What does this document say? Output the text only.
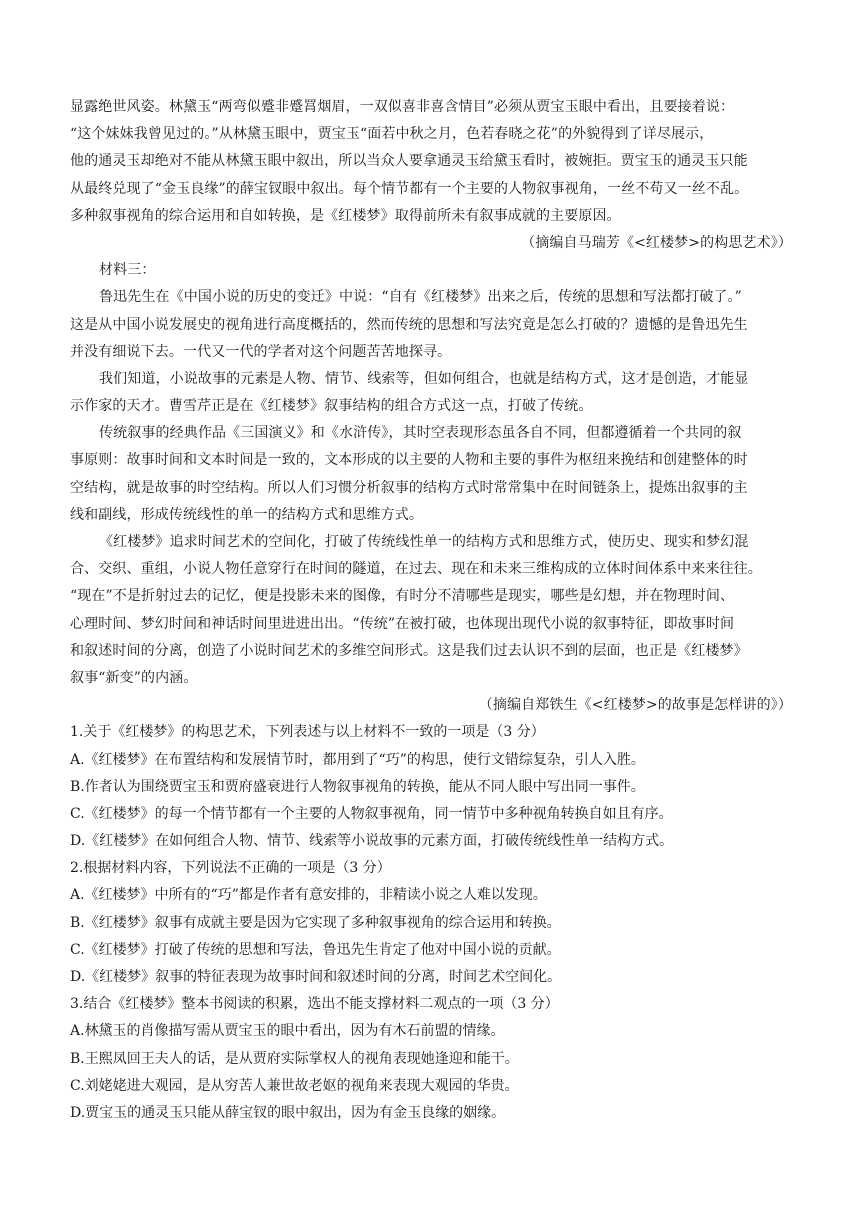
显露绝世风姿。林黛玉“两弯似蹙非蹙罥烟眉，一双似喜非喜含情目”必须从贾宝玉眼中看出，且要接着说：
“这个妹妹我曾见过的。”从林黛玉眼中，贾宝玉“面若中秋之月，色若春晓之花”的外貌得到了详尽展示，
他的通灵玉却绝对不能从林黛玉眼中叙出，所以当众人要拿通灵玉给黛玉看时，被婉拒。贾宝玉的通灵玉只能
从最终兑现了“金玉良缘”的薛宝钗眼中叙出。每个情节都有一个主要的人物叙事视角，一丝不苟又一丝不乱。
多种叙事视角的综合运用和自如转换，是《红楼梦》取得前所未有叙事成就的主要原因。
（摘编自马瑞芳《<红楼梦>的构思艺术》）
材料三：
鲁迅先生在《中国小说的历史的变迁》中说：“自有《红楼梦》出来之后，传统的思想和写法都打破了。”
这是从中国小说发展史的视角进行高度概括的，然而传统的思想和写法究竟是怎么打破的？遗憾的是鲁迅先生
并没有细说下去。一代又一代的学者对这个问题苦苦地探寻。
我们知道，小说故事的元素是人物、情节、线索等，但如何组合，也就是结构方式，这才是创造，才能显
示作家的天才。曹雪芹正是在《红楼梦》叙事结构的组合方式这一点，打破了传统。
传统叙事的经典作品《三国演义》和《水浒传》，其时空表现形态虽各自不同，但都遵循着一个共同的叙
事原则：故事时间和文本时间是一致的，文本形成的以主要的人物和主要的事件为枢纽来挽结和创建整体的时
空结构，就是故事的时空结构。所以人们习惯分析叙事的结构方式时常常集中在时间链条上，提炼出叙事的主
线和副线，形成传统线性的单一的结构方式和思维方式。
《红楼梦》追求时间艺术的空间化，打破了传统线性单一的结构方式和思维方式，使历史、现实和梦幻混
合、交织、重组，小说人物任意穿行在时间的隧道，在过去、现在和未来三维构成的立体时间体系中来来往往。
“现在”不是折射过去的记忆，便是投影未来的图像，有时分不清哪些是现实，哪些是幻想，并在物理时间、
心理时间、梦幻时间和神话时间里进进出出。“传统”在被打破，也体现出现代小说的叙事特征，即故事时间
和叙述时间的分离，创造了小说时间艺术的多维空间形式。这是我们过去认识不到的层面，也正是《红楼梦》
叙事“新变”的内涵。
（摘编自郑铁生《<红楼梦>的故事是怎样讲的》）
1.关于《红楼梦》的构思艺术，下列表述与以上材料不一致的一项是（3 分）
A.《红楼梦》在布置结构和发展情节时，都用到了“巧”的构思，使行文错综复杂，引人入胜。
B.作者认为围绕贾宝玉和贾府盛衰进行人物叙事视角的转换，能从不同人眼中写出同一事件。
C.《红楼梦》的每一个情节都有一个主要的人物叙事视角，同一情节中多种视角转换自如且有序。
D.《红楼梦》在如何组合人物、情节、线索等小说故事的元素方面，打破传统线性单一结构方式。
2.根据材料内容，下列说法不正确的一项是（3 分）
A.《红楼梦》中所有的“巧”都是作者有意安排的，非精读小说之人难以发现。
B.《红楼梦》叙事有成就主要是因为它实现了多种叙事视角的综合运用和转换。
C.《红楼梦》打破了传统的思想和写法，鲁迅先生肯定了他对中国小说的贡献。
D.《红楼梦》叙事的特征表现为故事时间和叙述时间的分离，时间艺术空间化。
3.结合《红楼梦》整本书阅读的积累，选出不能支撑材料二观点的一项（3 分）
A.林黛玉的肖像描写需从贾宝玉的眼中看出，因为有木石前盟的情缘。
B.王熙凤回王夫人的话，是从贾府实际掌权人的视角表现她逢迎和能干。
C.刘姥姥进大观园，是从穷苦人兼世故老妪的视角来表现大观园的华贵。
D.贾宝玉的通灵玉只能从薛宝钗的眼中叙出，因为有金玉良缘的姻缘。
